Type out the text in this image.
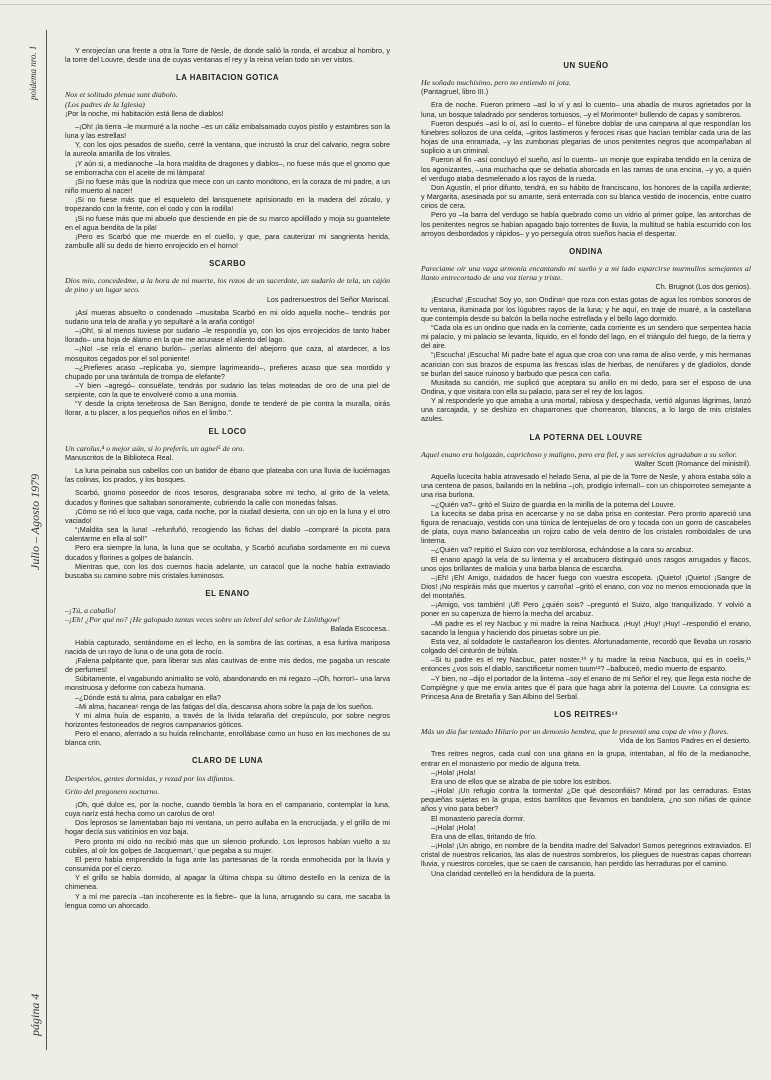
poidema nro. 1
Julio – Agosto 1979
página 4

Y enrojecían una frente a otra la Torre de Nesle, de donde salió la ronda, el arcabuz al hombro, y la torre del Louvre, desde una de cuyas ventanas el rey y la reina veían todo sin ver vistos.

LA HABITACION GOTICA

Nox et solitudo plenae sunt diabolo.

(Los padres de la Iglesia)

¡Por la noche, mi habitación está llena de diablos!

–¡Oh! ¡la tierra –le murmuré a la noche –es un cáliz embalsamado cuyos pistilo y estambres son la luna y las estrellas!

Y, con los ojos pesados de sueño, cerré la ventana, que incrustó la cruz del calvario, negra sobre la aureola amarilla de los vitrales.

¡Y aún si, a medianoche –la hora maldita de dragones y diablos–, no fuese más que el gnomo que se emborracha con el aceite de mi lámpara!

¡Si no fuese más que la nodriza que mece con un canto monótono, en la coraza de mi padre, a un niño muerto al nacer!

¡Si no fuese más que el esqueleto del lansquenete aprisionado en la madera del zócalo, y tropezando con la frente, con el codo y con la rodilla!

¡Si no fuese más que mi abuelo que desciende en pie de su marco apolillado y moja su guantelete en el agua bendita de la pila!

¡Pero es Scarbó que me muerde en el cuello, y que, para cauterizar mi sangrienta herida, zambulle allí su dedo de hierro enrojecido en el horno!

SCARBO

Dios mío, concededme, a la hora de mi muerte, los rezos de un sacerdote, un sudario de tela, un cajón de pino y un lugar seco.

Los padrenuestros del Señor Mariscal.

¡Así mueras absuelto o condenado –musitaba Scarbó en mi oído aquella noche– tendrás por sudario una tela de araña y yo sepultaré a la araña contigo!

–¡Oh!, si al menos tuviese por sudario –le respondía yo, con los ojos enrojecidos de tanto haber llorado– una hoja de álamo en la que me acunase el aliento del lago.

–¡No! –se reía el enano burlón– ¡serías alimento del abejorro que caza, al atardecer, a los mosquitos cegados por el sol poniente!

–¿Prefieres acaso –replicaba yo, siempre lagrimeando–, prefieres acaso que sea mordido y chupado por una tarántula de trompa de elefante?

–Y bien –agregó– consuélate, tendrás por sudario las telas moteadas de oro de una piel de serpiente, con la que te envolveré como a una momia.

“Y desde la cripta tenebrosa de San Benigno, donde te tenderé de pie contra la muralla, oirás llorar, a tu placer, a los pequeños niños en el limbo.”.

EL LOCO

Un carolus,⁴ o mejor aún, si lo preferís, un agnel⁵ de oro.

Manuscritos de la Biblioteca Real.

La luna peinaba sus cabellos con un batidor de ébano que plateaba con una lluvia de luciérnagas las colinas, los prados, y los bosques.

Scarbó, gnomo poseedor de ricos tesoros, desgranaba sobre mi techo, al grito de la veleta, ducados y florines que saltaban sonoramente, cubriendo la calle con monedas falsas.

¡Cómo se rió el loco que vaga, cada noche, por la ciudad desierta, con un ojo en la luna y el otro vaciado!

“¡Maldita sea la luna! –refunfuñó, recogiendo las fichas del diablo –compraré la picota para calentarme en ella al sol!”

Pero era siempre la luna, la luna que se ocultaba, y Scarbó acuñaba sordamente en mi cueva ducados y florines a golpes de balancín.

Mientras que, con los dos cuernos hacia adelante, un caracol que la noche había extraviado buscaba su camino sobre mis cristales luminosos.

EL ENANO

–¡Tú, a caballo!

–¡Eh! ¿Por qué no? ¡He galopado tantas veces sobre un lebrel del señor de Linlithgow!

Balada Escocesa..

Había capturado, sentándome en el lecho, en la sombra de las cortinas, a esa furtiva mariposa nacida de un rayo de luna o de una gota de rocío.

¡Falena palpitante que, para liberar sus alas cautivas de entre mis dedos, me pagaba un rescate de perfumes!

Súbitamente, el vagabundo animalito se voló, abandonando en mi regazo –¡Oh, horror!– una larva monstruosa y deforme con cabeza humana.

–¿Dónde está tu alma, para cabalgar en ella?

–Mi alma, hacanea⁶ renga de las fatigas del día, descansa ahora sobre la paja de los sueños.

Y mi alma huía de espanto, a través de la lívida telaraña del crepúsculo, por sobre negros horizontes festoneados de negros campanarios góticos.

Pero el enano, aferrado a su huída relinchante, enrollábase como un huso en los mechones de su blanca crin.

CLARO DE LUNA

Despertéos, gentes dormidas, y rezad por los difuntos.

Grito del pregonero nocturno.

¡Oh, qué dulce es, por la noche, cuando tiembla la hora en el campanario, contemplar la luna, cuya naríz está hecha como un carolus de oro!

Dos leprosos se lamentaban bajo mi ventana, un perro aullaba en la encrucijada, y el grillo de mi hogar decía sus vaticinios en voz baja.

Pero pronto mi oído no recibió más que un silencio profundo. Los leprosos habían vuelto a su cubiles, al oír los golpes de Jacquemart,⁷ que pegaba a su mujer.

El perro había emprendido la fuga ante las partesanas de la ronda enmohecida por la lluvia y consumida por el cierzo.

Y el grillo se había dormido, al apagar la última chispa su último destello en la ceniza de la chimenea.

Y a mí me parecía –tan incoherente es la fiebre– que la luna, arrugando su cara, me sacaba la lengua como un ahorcado.

UN SUEÑO

He soñado muchísimo, pero no entiendo ni jota.

(Pantagruel, libro III.)

Era de noche. Fueron primero –así lo ví y así lo cuento– una abadía de muros agrietados por la luna, un bosque taladrado por senderos tortuosos, –y el Morimonte⁸ bullendo de capas y sombreros.

Fueron después –así lo oí, así lo cuento– el fúnebre doblar de una campana al que respondían los fúnebres sollozos de una celda, –gritos lastimeros y feroces risas que hacían temblar cada una de las hojas de una enramada, –y las zumbonas plegarias de unos penitentes negros que acompañaban al suplicio a un criminal.

Fueron al fin –así concluyó el sueño, así lo cuento– un monje que expiraba tendido en la ceniza de los agonizantes, –una muchacha que se debatía ahorcada en las ramas de una encina, –y yo, a quién el verdugo ataba desmelenado a los rayos de la rueda.

Don Agustín, el prior difunto, tendrá, en su hábito de franciscano, los honores de la capilla ardiente; y Margarita, asesinada por su amante, será enterrada con su blanca vestido de inocencia, entre cuatro cirios de cera.

Pero yo –la barra del verdugo se había quebrado como un vidrio al primer golpe, las antorchas de los penitentes negros se habían apagado bajo torrentes de lluvia, la multitud se había escurrido con los arroyos desbordados y rápidos– y yo perseguía otros sueños hacia el despertar.

ONDINA

Pareciame oír una vaga armonía encantando mi sueño y a mi lado esparcirse murmullos semejantes al llanto entrecortado de una voz tierna y triste.

Ch. Brugnot (Los dos genios).

¡Escucha! ¡Escucha! Soy yo, son Ondina⁹ que roza con estas gotas de agua los rombos sonoros de tu ventana, iluminada por los lúgubres rayos de la luna; y he aquí, en traje de muaré, a la castellana que contempla desde su balcón la bella noche estrellada y el bello lago dormido.

“Cada ola es un ondino que nada en la corriente, cada corriente es un sendero que serpentea hacia mi palacio, y mi palacio se levanta, líquido, en el fondo del lago, en el triángulo del fuego, de la tierra y del aire.

“¡Escucha! ¡Escucha! Mi padre bate el agua que croa con una rama de aliso verde, y mis hermanas acarician con sus brazos de espuma las frescas islas de hierbas, de nenúfares y de gladiolos, donde se burlan del sauce ruinoso y barbudo que pesca con caña.

Musitada su canción, me suplicó que aceptara su anillo en mi dedo, para ser el esposo de una Ondina, y que visitara con ella su palacio, para ser el rey de los lagos.

Y al responderle yo que amaba a una mortal, rabiosa y despechada, vertió algunas lágrimas, lanzó una carcajada, y se deshizo en chaparrones que chorrearon, blancos, a lo largo de mis cristales azules.

LA POTERNA DEL LOUVRE

Aquel enano era holgazán, caprichoso y maligno, pero era fiel, y sus servicios agradaban a su señor.

Walter Scott (Romance del ministril).

Aquella lucecita había atravesado el helado Sena, al pie de la Torre de Nesle, y ahora estaba sólo a una centena de pasos, bailando en la neblina –¡oh, prodigio infernal!– con un chisporroteo semejante a una risa burlona.

–¿Quién va?– gritó el Suizo de guardia en la mirilla de la poterna del Louvre.

La lucecita se daba prisa en acercarse y no se daba prisa en contestar. Pero pronto apareció una figura de renacuajo, vestida con una túnica de lentejuelas de oro y tocada con un gorro de cascabeles de plata, cuya mano balanceaba un rojizo cabo de vela dentro de los cristales romboidales de una linterna.

–¿Quién va? repitió el Suizo con voz temblorosa, echándose a la cara su arcabuz.

El enano apagó la vela de su linterna y el arcabucero distinguió unos rasgos arrugados y flacos, unos ojos brillantes de malicia y una barba blanca de escarcha.

–¡Eh! ¡Eh! Amigo, cuidados de hacer fuego con vuestra escopeta. ¡Quieto! ¡Quieto! ¡Sangre de Dios! ¡No respiráis más que muertos y carroña! –gritó el enano, con voz no menos emocionada que la del montañés.

–¡Amigo, vos también! ¡Uf! Pero ¿quién sois? –preguntó el Suizo, algo tranquilizado. Y volvió a poner en su caperuza de hierro la mecha del arcabuz.

–Mi padre es el rey Nacbuc y mi madre la reina Nacbuca. ¡Huy! ¡Huy! ¡Huy! –respondió el enano, sacando la lengua y haciendo dos piruetas sobre un pie.

Esta vez, al soldadote le castañearon los dientes. Afortunadamente, recordó que llevaba un rosario colgado del cinturón de búfala.

–Si tu padre es el rey Nacbuc, pater noster,¹⁰ y tu madre la reina Nacbuca, qui es in coelis,¹¹ entonces ¿vos sois el diablo, sanctificetur nomen tuum¹²? –balbuceó, medio muerto de espanto.

–Y bien, no –dijo el portador de la linterna –soy el enano de mi Señor el rey, que llega esta noche de Compiègne y que me envía antes que él para que haga abrir la poterna del Louvre. La consigna es: Princesa Ana de Bretaña y San Albino del Serbal.

LOS REITRES¹³

Más un día fue tentado Hilario por un demonio hembra, que le presentó una copa de vino y flores.

Vida de los Santos Padres en el desierto.

Tres reitres negros, cada cual con una gitana en la grupa, intentaban, al filo de la medianoche, entrar en el monasterio por medio de alguna treta.

–¡Hola! ¡Hola!

Era uno de ellos que se alzaba de pie sobre los estribos.

–¡Hola! ¡Un refugio contra la tormenta! ¿De qué desconfiáis? Mirad por las cerraduras. Estas pequeñas sujetas en la grupa, estos barrilitos que llevamos en bandolera, ¿no son niñas de quince años y vino para beber?

El monasterio parecía dormir.

–¡Hola! ¡Hola!

Era una de ellas, tiritando de frío.

–¡Hola! ¡Un abrigo, en nombre de la bendita madre del Salvador! Somos peregrinos extraviados. El cristal de nuestros relicarios, las alas de nuestros sombreros, los pliegues de nuestras capas chorrean lluvia, y nuestros corceles, que se caen de cansancio, han perdido las herraduras por el camino.

Una claridad centelleó en la hendidura de la puerta.
